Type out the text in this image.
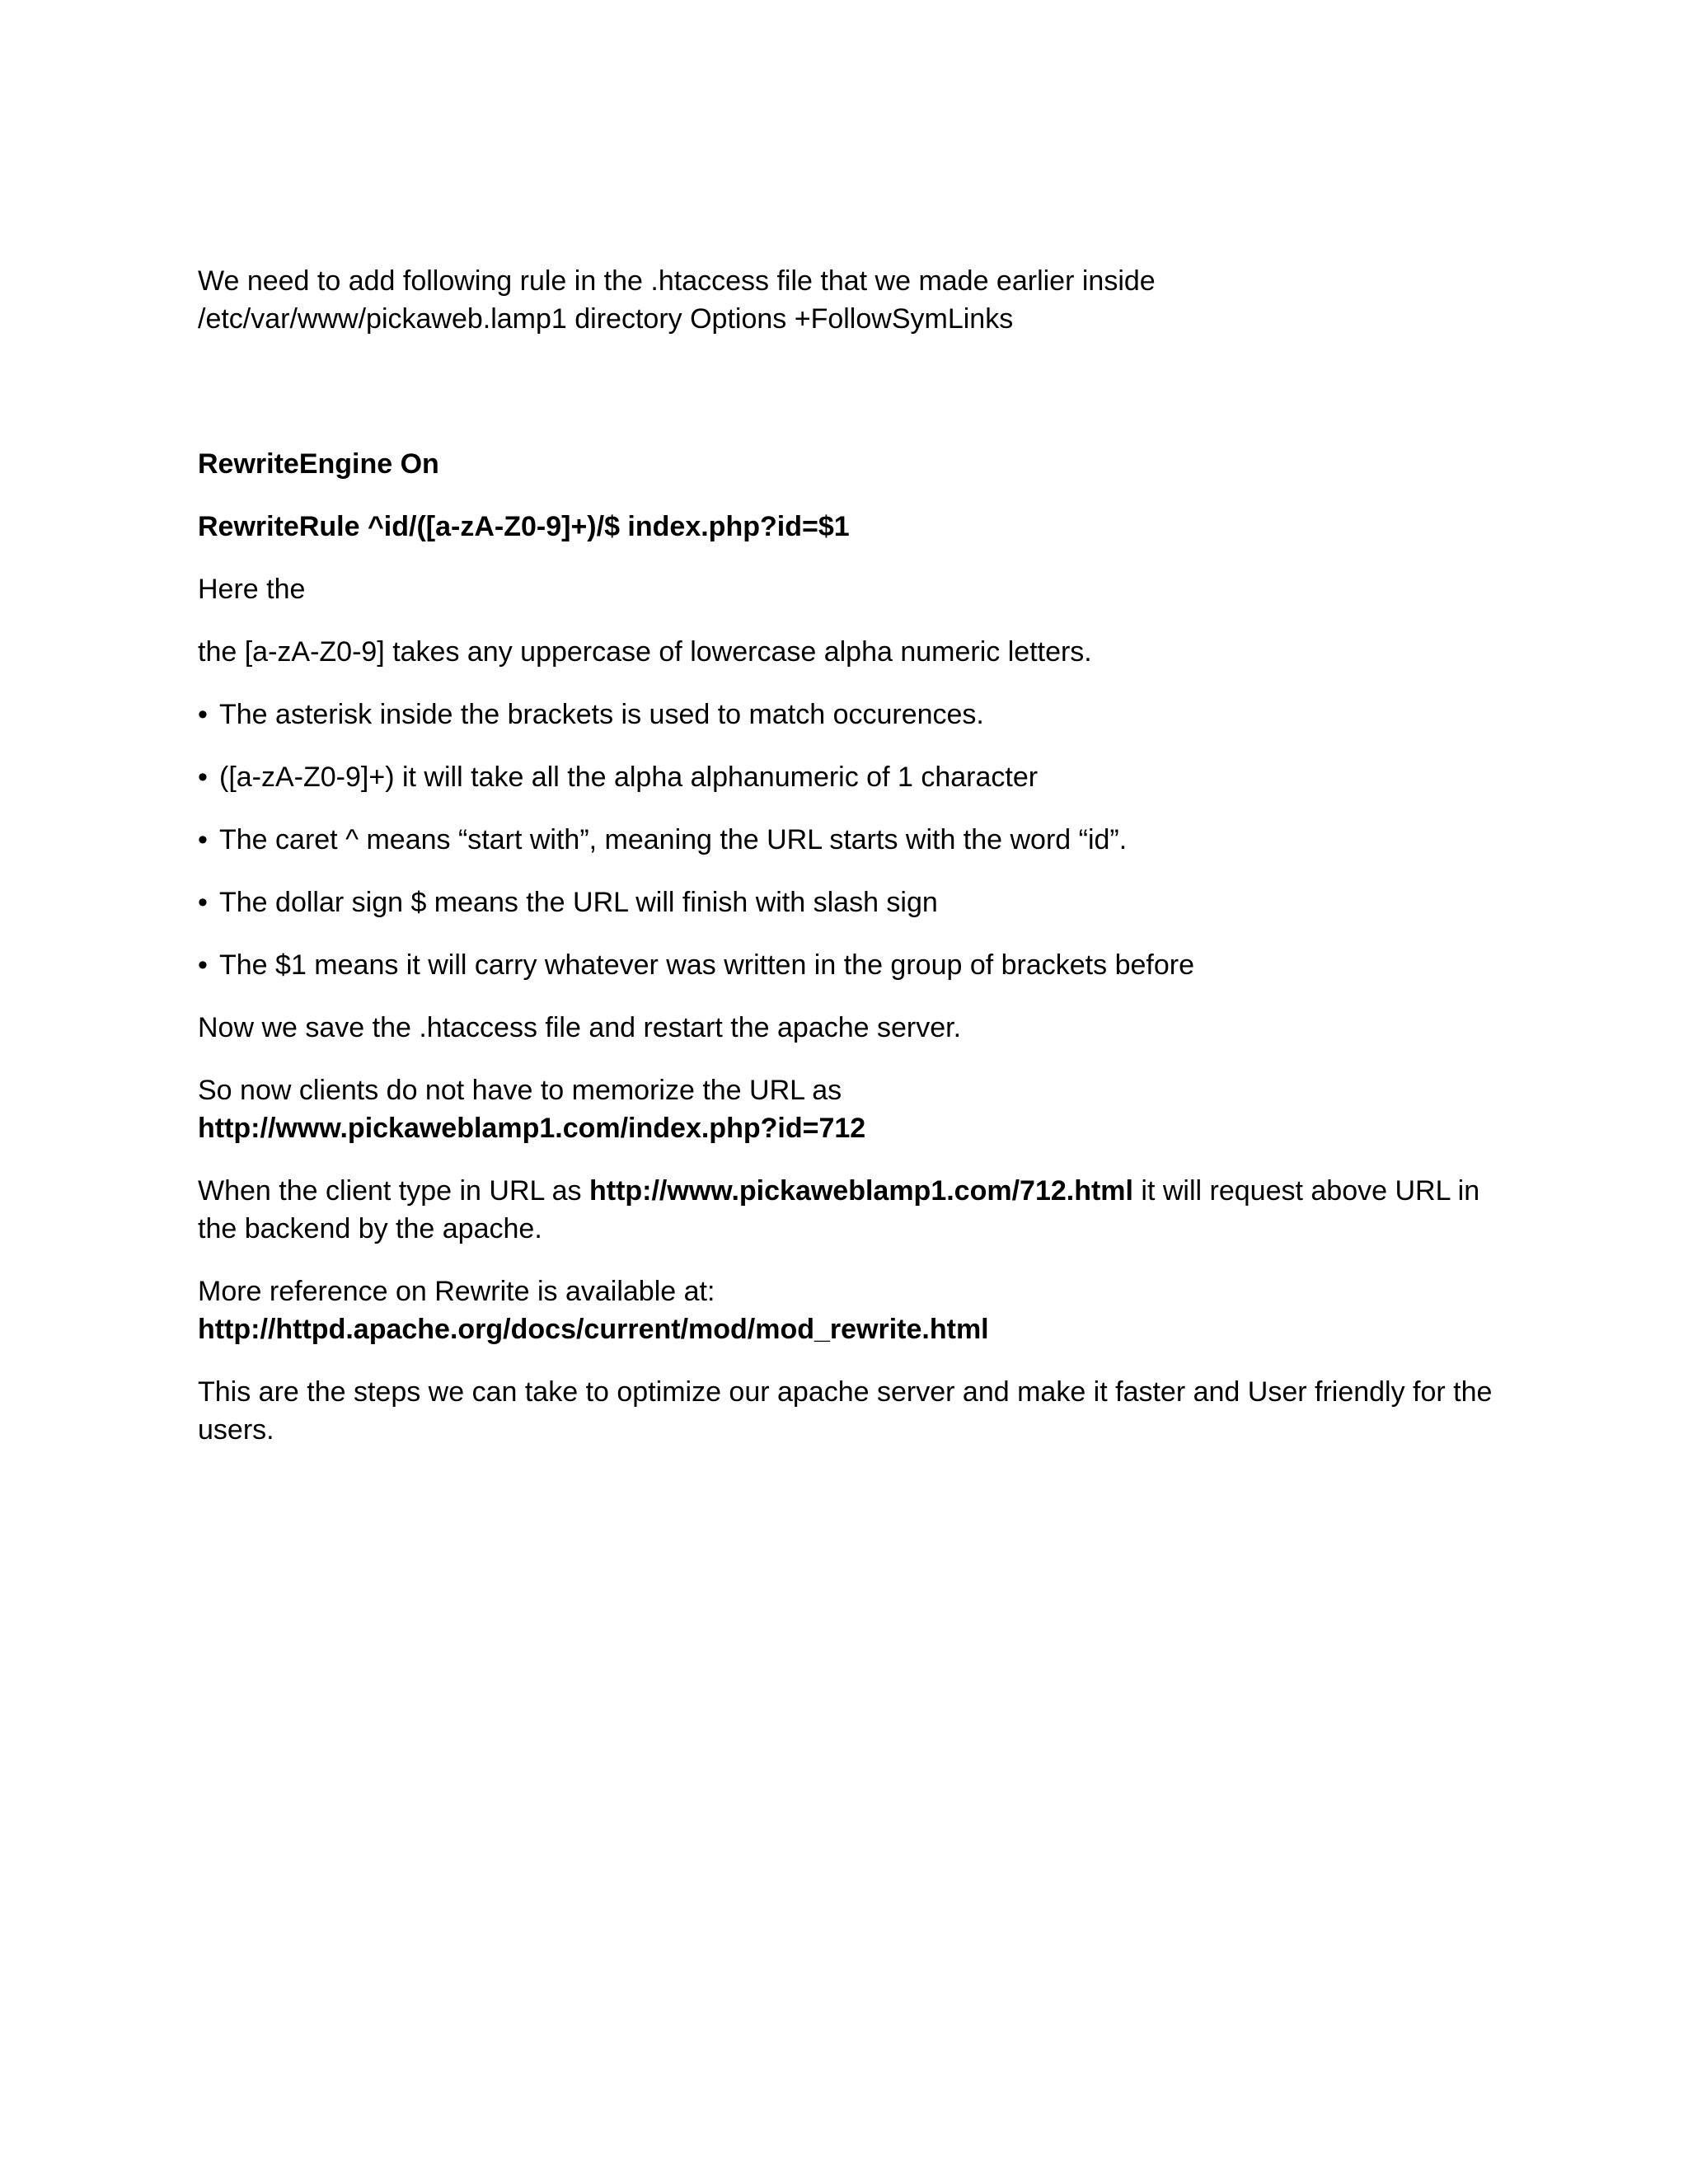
We need to add following rule in the .htaccess file that we made earlier inside
/etc/var/www/pickaweb.lamp1 directory Options +FollowSymLinks

RewriteEngine On

RewriteRule ^id/([a-zA-Z0-9]+)/$ index.php?id=$1

Here the

the [a-zA-Z0-9] takes any uppercase of lowercase alpha numeric letters.

• The asterisk inside the brackets is used to match occurences.
• ([a-zA-Z0-9]+) it will take all the alpha alphanumeric of 1 character
• The caret ^ means “start with”, meaning the URL starts with the word “id”.
• The dollar sign $ means the URL will finish with slash sign
• The $1 means it will carry whatever was written in the group of brackets before

Now we save the .htaccess file and restart the apache server.

So now clients do not have to memorize the URL as
http://www.pickaweblamp1.com/index.php?id=712

When the client type in URL as http://www.pickaweblamp1.com/712.html it will request above URL in the backend by the apache.

More reference on Rewrite is available at:
http://httpd.apache.org/docs/current/mod/mod_rewrite.html

This are the steps we can take to optimize our apache server and make it faster and User friendly for the users.
